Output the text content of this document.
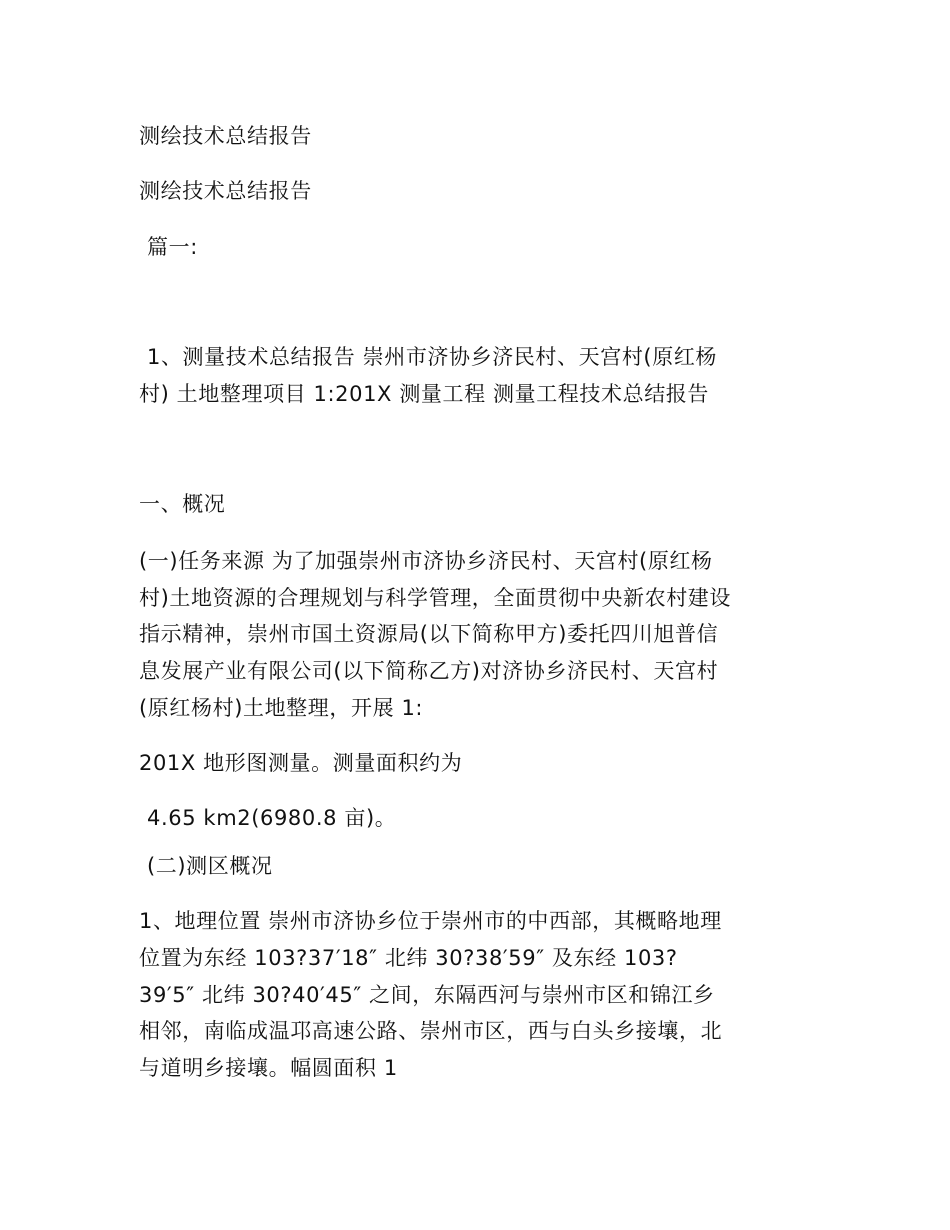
测绘技术总结报告
测绘技术总结报告
篇一:
1、测量技术总结报告 崇州市济协乡济民村、天宫村(原红杨
村) 土地整理项目 1:201X 测量工程 测量工程技术总结报告
一、概况
(一)任务来源 为了加强崇州市济协乡济民村、天宫村(原红杨
村)土地资源的合理规划与科学管理，全面贯彻中央新农村建设
指示精神，崇州市国土资源局(以下简称甲方)委托四川旭普信
息发展产业有限公司(以下简称乙方)对济协乡济民村、天宫村
(原红杨村)土地整理，开展 1:
201X 地形图测量。测量面积约为
4.65 km2(6980.8 亩)。
(二)测区概况
1、地理位置 崇州市济协乡位于崇州市的中西部，其概略地理
位置为东经 103?37′18″ 北纬 30?38′59″ 及东经 103?
39′5″ 北纬 30?40′45″ 之间，东隔西河与崇州市区和锦江乡
相邻，南临成温邛高速公路、崇州市区，西与白头乡接壤，北
与道明乡接壤。幅圆面积 1
